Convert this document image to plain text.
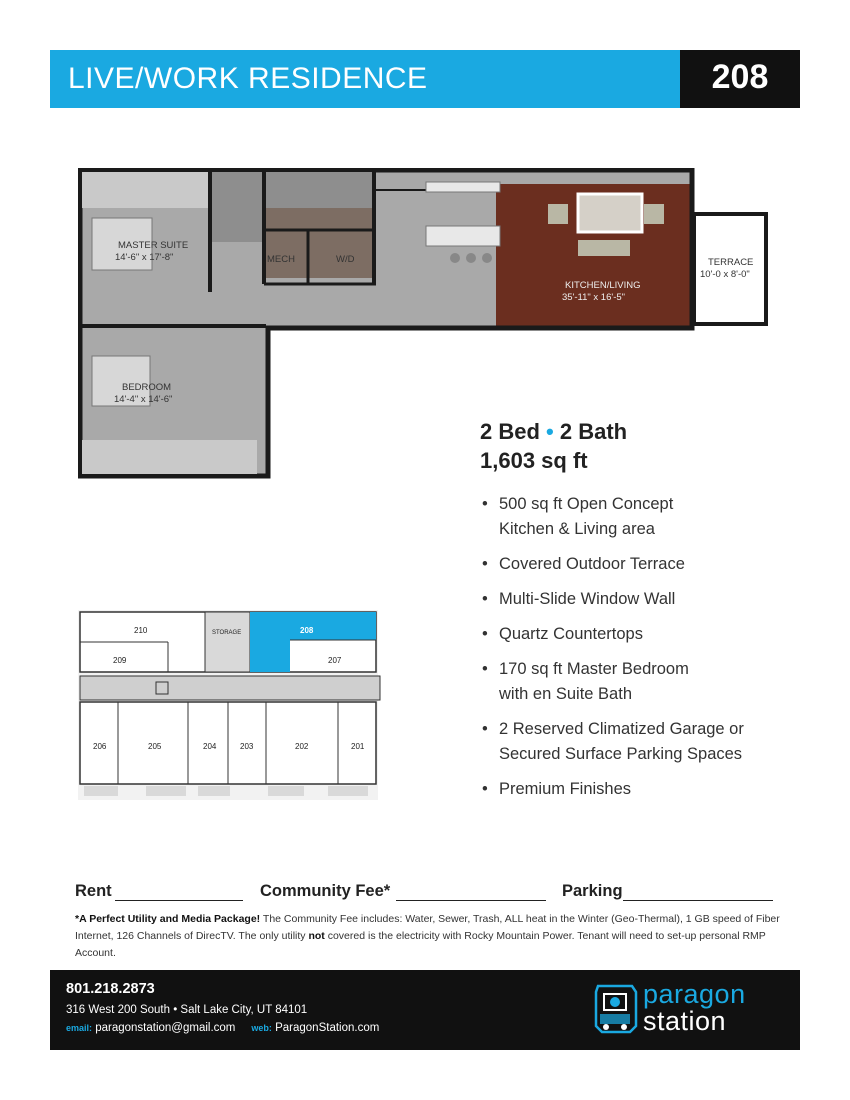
LIVE/WORK RESIDENCE	208
MASTER SUITE
14'-6" x 17'-8"	MECH	W/D
KITCHEN/LIVING
35'-11" x 16'-5"
TERRACE
10'-0 x 8'-0"
BEDROOM
14'-4" x 14'-6"
2 Bed • 2 Bath
1,603 sq ft
• 500 sq ft Open Concept
Kitchen & Living area
• Covered Outdoor Terrace
• Multi-Slide Window Wall
• Quartz Countertops
• 170 sq ft Master Bedroom
with en Suite Bath
• 2 Reserved Climatized Garage or
Secured Surface Parking Spaces
• Premium Finishes
210	STORAGE	208
209	207
206	205	204	203	202	201
Rent	Community Fee*	Parking
*A Perfect Utility and Media Package! The Community Fee includes: Water, Sewer, Trash, ALL heat in the Winter (Geo-Thermal), 1 GB speed of Fiber Internet, 126 Channels of DirecTV. The only utility not covered is the electricity with Rocky Mountain Power. Tenant will need to set-up personal RMP Account.
801.218.2873
316 West 200 South • Salt Lake City, UT 84101
email: paragonstation@gmail.com web: ParagonStation.com
paragon
station
